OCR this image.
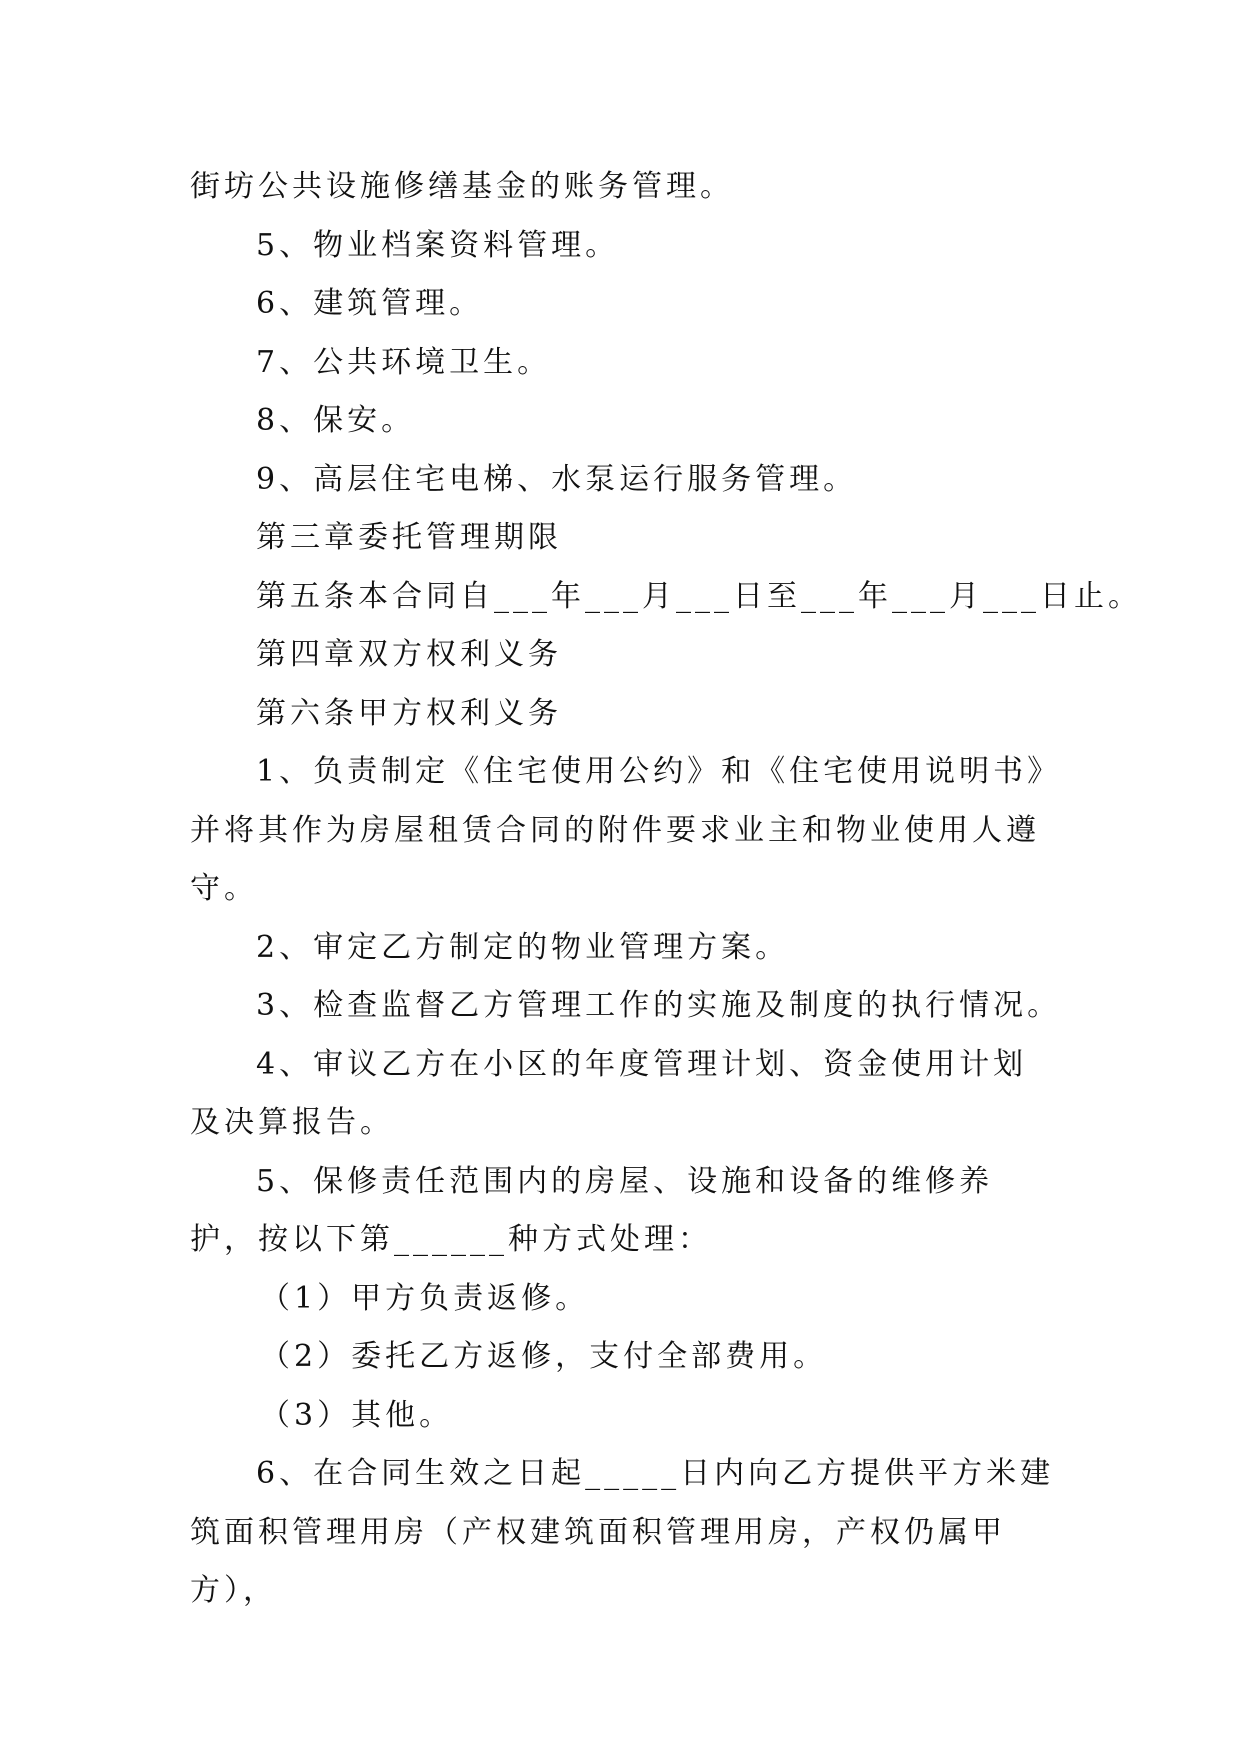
街坊公共设施修缮基金的账务管理。

5、物业档案资料管理。

6、建筑管理。

7、公共环境卫生。

8、保安。

9、高层住宅电梯、水泵运行服务管理。

第三章委托管理期限

第五条本合同自___年___月___日至___年___月___日止。

第四章双方权利义务

第六条甲方权利义务

1、负责制定《住宅使用公约》和《住宅使用说明书》并将其作为房屋租赁合同的附件要求业主和物业使用人遵守。

2、审定乙方制定的物业管理方案。

3、检查监督乙方管理工作的实施及制度的执行情况。

4、审议乙方在小区的年度管理计划、资金使用计划及决算报告。

5、保修责任范围内的房屋、设施和设备的维修养护，按以下第______种方式处理：

（1）甲方负责返修。

（2）委托乙方返修，支付全部费用。

（3）其他。

6、在合同生效之日起_____日内向乙方提供平方米建筑面积管理用房（产权建筑面积管理用房，产权仍属甲方），
